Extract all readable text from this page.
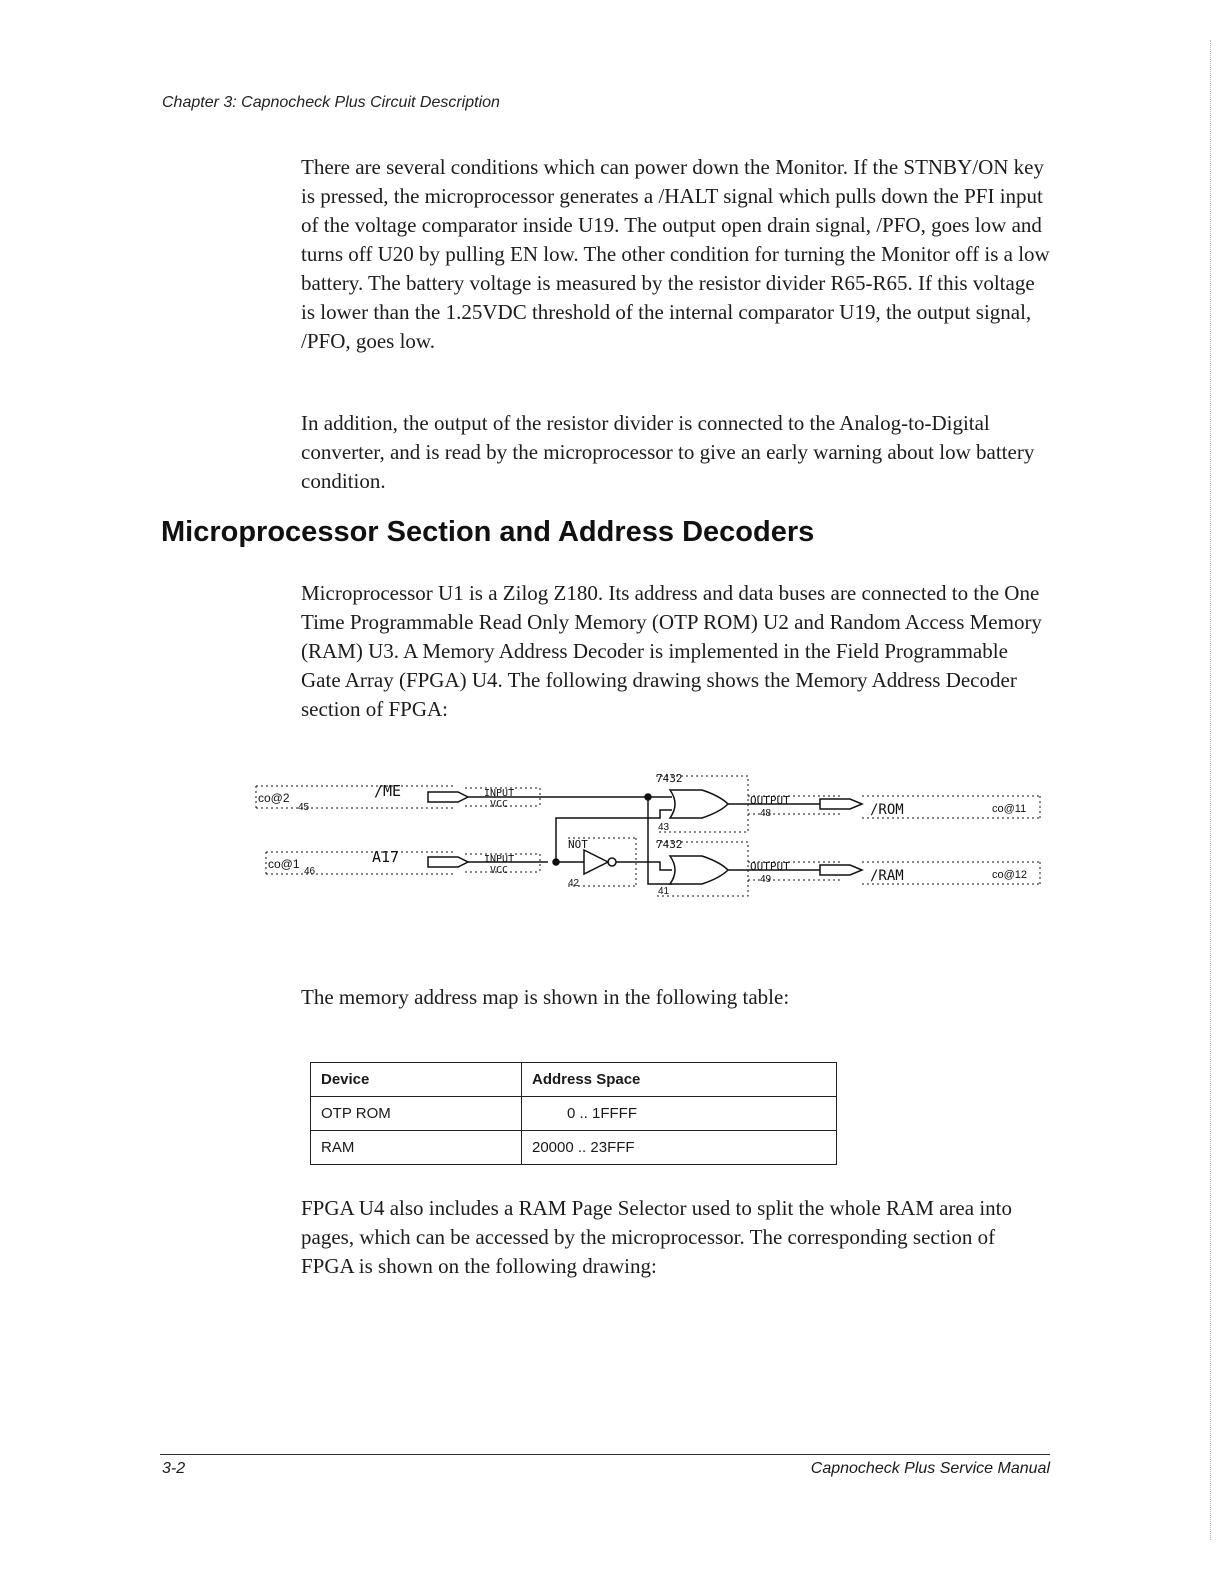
Chapter 3: Capnocheck Plus Circuit Description

There are several conditions which can power down the Monitor. If the STNBY/ON key is pressed, the microprocessor generates a /HALT signal which pulls down the PFI input of the voltage comparator inside U19. The output open drain signal, /PFO, goes low and turns off U20 by pulling EN low. The other condition for turning the Monitor off is a low battery. The battery voltage is measured by the resistor divider R65-R65. If this voltage is lower than the 1.25VDC threshold of the internal comparator U19, the output signal, /PFO, goes low.

In addition, the output of the resistor divider is connected to the Analog-to-Digital converter, and is read by the microprocessor to give an early warning about low battery condition.

Microprocessor Section and Address Decoders

Microprocessor U1 is a Zilog Z180. Its address and data buses are connected to the One Time Programmable Read Only Memory (OTP ROM) U2 and Random Access Memory (RAM) U3. A Memory Address Decoder is implemented in the Field Programmable Gate Array (FPGA) U4. The following drawing shows the Memory Address Decoder section of FPGA:

co@2
45
/ME	INPUT
VCC
co@1
46
A17	INPUT
VCC
NOT
42
7432
43
7432
41
OUTPUT
48
OUTPUT
49
/ROM
/RAM
co@11
co@12

The memory address map is shown in the following table:

Device	Address Space
OTP ROM	0 .. 1FFFF
RAM	20000 .. 23FFF

FPGA U4 also includes a RAM Page Selector used to split the whole RAM area into pages, which can be accessed by the microprocessor. The corresponding section of FPGA is shown on the following drawing:

3-2	Capnocheck Plus Service Manual
